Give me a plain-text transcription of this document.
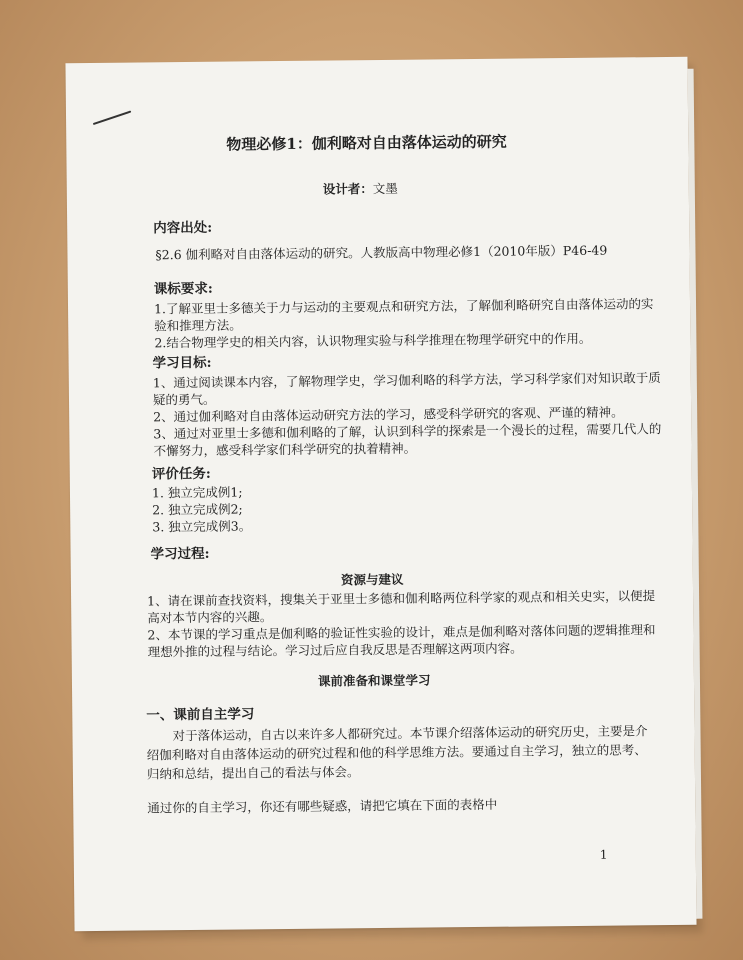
物理必修1：伽利略对自由落体运动的研究
设计者： 文墨
内容出处:
§2.6 伽利略对自由落体运动的研究。人教版高中物理必修1（2010年版）P46-49
课标要求:
1.了解亚里士多德关于力与运动的主要观点和研究方法，了解伽利略研究自由落体运动的实
验和推理方法。
2.结合物理学史的相关内容，认识物理实验与科学推理在物理学研究中的作用。
学习目标:
1、通过阅读课本内容，了解物理学史，学习伽利略的科学方法，学习科学家们对知识敢于质
疑的勇气。
2、通过伽利略对自由落体运动研究方法的学习，感受科学研究的客观、严谨的精神。
3、通过对亚里士多德和伽利略的了解，认识到科学的探索是一个漫长的过程，需要几代人的
不懈努力，感受科学家们科学研究的执着精神。
评价任务:
1. 独立完成例1;
2. 独立完成例2;
3. 独立完成例3。
学习过程:
资源与建议
1、请在课前查找资料，搜集关于亚里士多德和伽利略两位科学家的观点和相关史实，以便提
高对本节内容的兴趣。
2、本节课的学习重点是伽利略的验证性实验的设计，难点是伽利略对落体问题的逻辑推理和
理想外推的过程与结论。学习过后应自我反思是否理解这两项内容。
课前准备和课堂学习
一、课前自主学习
对于落体运动，自古以来许多人都研究过。本节课介绍落体运动的研究历史，主要是介
绍伽利略对自由落体运动的研究过程和他的科学思维方法。要通过自主学习，独立的思考、
归纳和总结，提出自己的看法与体会。
通过你的自主学习，你还有哪些疑惑，请把它填在下面的表格中
1
